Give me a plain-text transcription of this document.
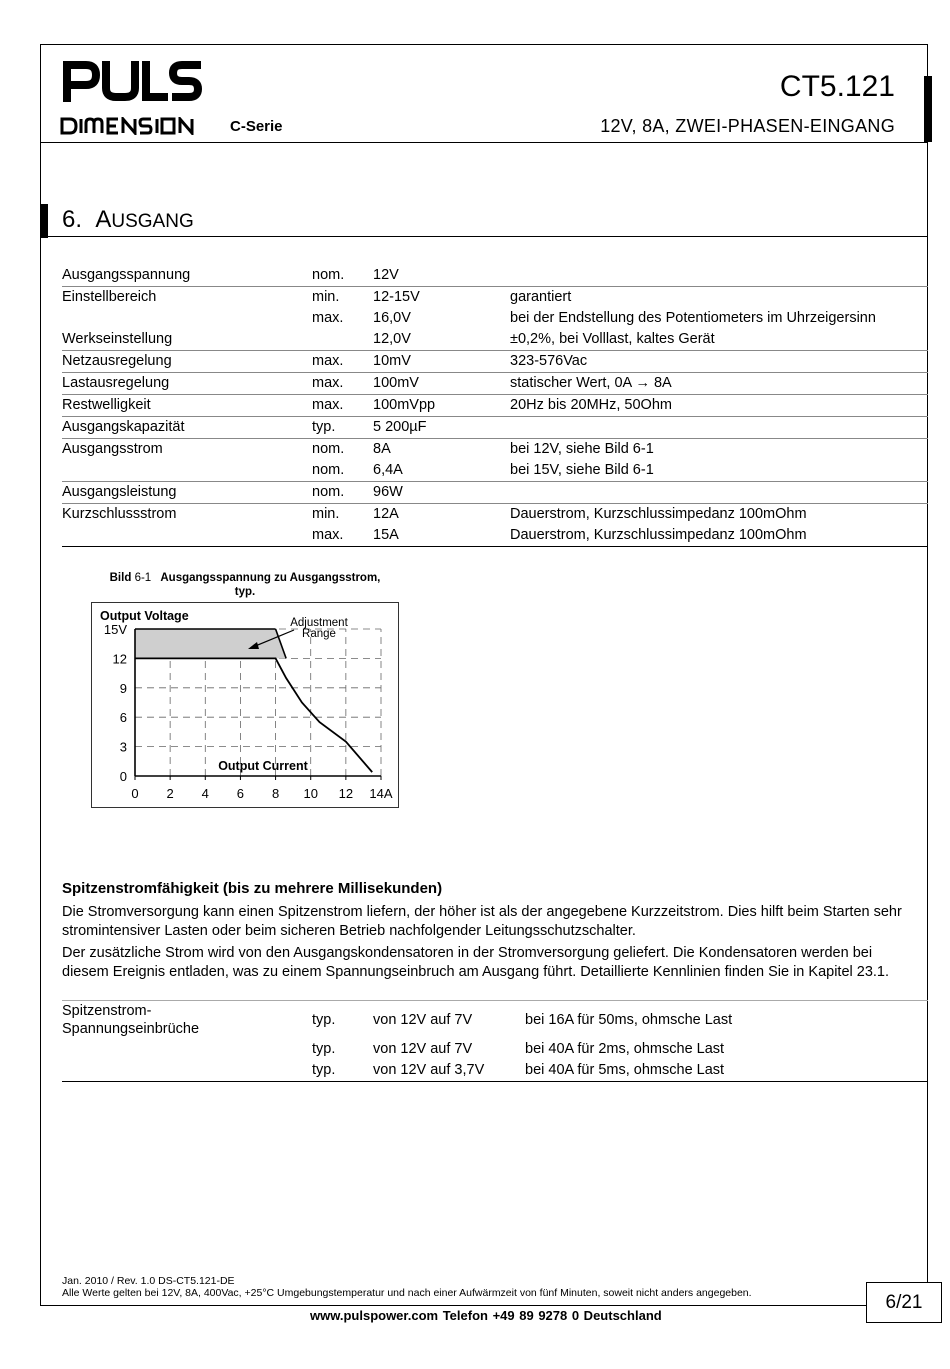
C-Serie
CT5.121
12V, 8A, ZWEI-PHASEN-EINGANG
6. AUSGANG
Ausgangsspannung	nom.	12V	
Einstellbereich	min.	12-15V	garantiert
	max.	16,0V	bei der Endstellung des Potentiometers im Uhrzeigersinn
Werkseinstellung		12,0V	±0,2%, bei Volllast, kaltes Gerät
Netzausregelung	max.	10mV	323-576Vac
Lastausregelung	max.	100mV	statischer Wert, 0A → 8A
Restwelligkeit	max.	100mVpp	20Hz bis 20MHz, 50Ohm
Ausgangskapazität	typ.	5 200µF	
Ausgangsstrom	nom.	8A	bei 12V, siehe Bild 6-1
	nom.	6,4A	bei 15V, siehe Bild 6-1
Ausgangsleistung	nom.	96W	
Kurzschlussstrom	min.	12A	Dauerstrom, Kurzschlussimpedanz 100mOhm
	max.	15A	Dauerstrom, Kurzschlussimpedanz 100mOhm
Bild 6-1 Ausgangsspannung zu Ausgangsstrom,
typ.
0 2 4 6 8 10 12 14A
0
3
6
9
12
15V
Output Voltage
Output Current
Adjustment
Range
Spitzenstromfähigkeit (bis zu mehrere Millisekunden)
Die Stromversorgung kann einen Spitzenstrom liefern, der höher ist als der angegebene Kurzzeitstrom. Dies hilft beim Starten sehr stromintensiver Lasten oder beim sicheren Betrieb nachfolgender Leitungsschutzschalter.
Der zusätzliche Strom wird von den Ausgangskondensatoren in der Stromversorgung geliefert. Die Kondensatoren werden bei diesem Ereignis entladen, was zu einem Spannungseinbruch am Ausgang führt. Detaillierte Kennlinien finden Sie in Kapitel 23.1.
Spitzenstrom-
Spannungseinbrüche
typ.	von 12V auf 7V	bei 16A für 50ms, ohmsche Last
typ.	von 12V auf 7V	bei 40A für 2ms, ohmsche Last
typ.	von 12V auf 3,7V	bei 40A für 5ms, ohmsche Last
Jan. 2010 / Rev. 1.0 DS-CT5.121-DE
Alle Werte gelten bei 12V, 8A, 400Vac, +25°C Umgebungstemperatur und nach einer Aufwärmzeit von fünf Minuten, soweit nicht anders angegeben.	6/21
www.pulspower.com Telefon +49 89 9278 0 Deutschland
